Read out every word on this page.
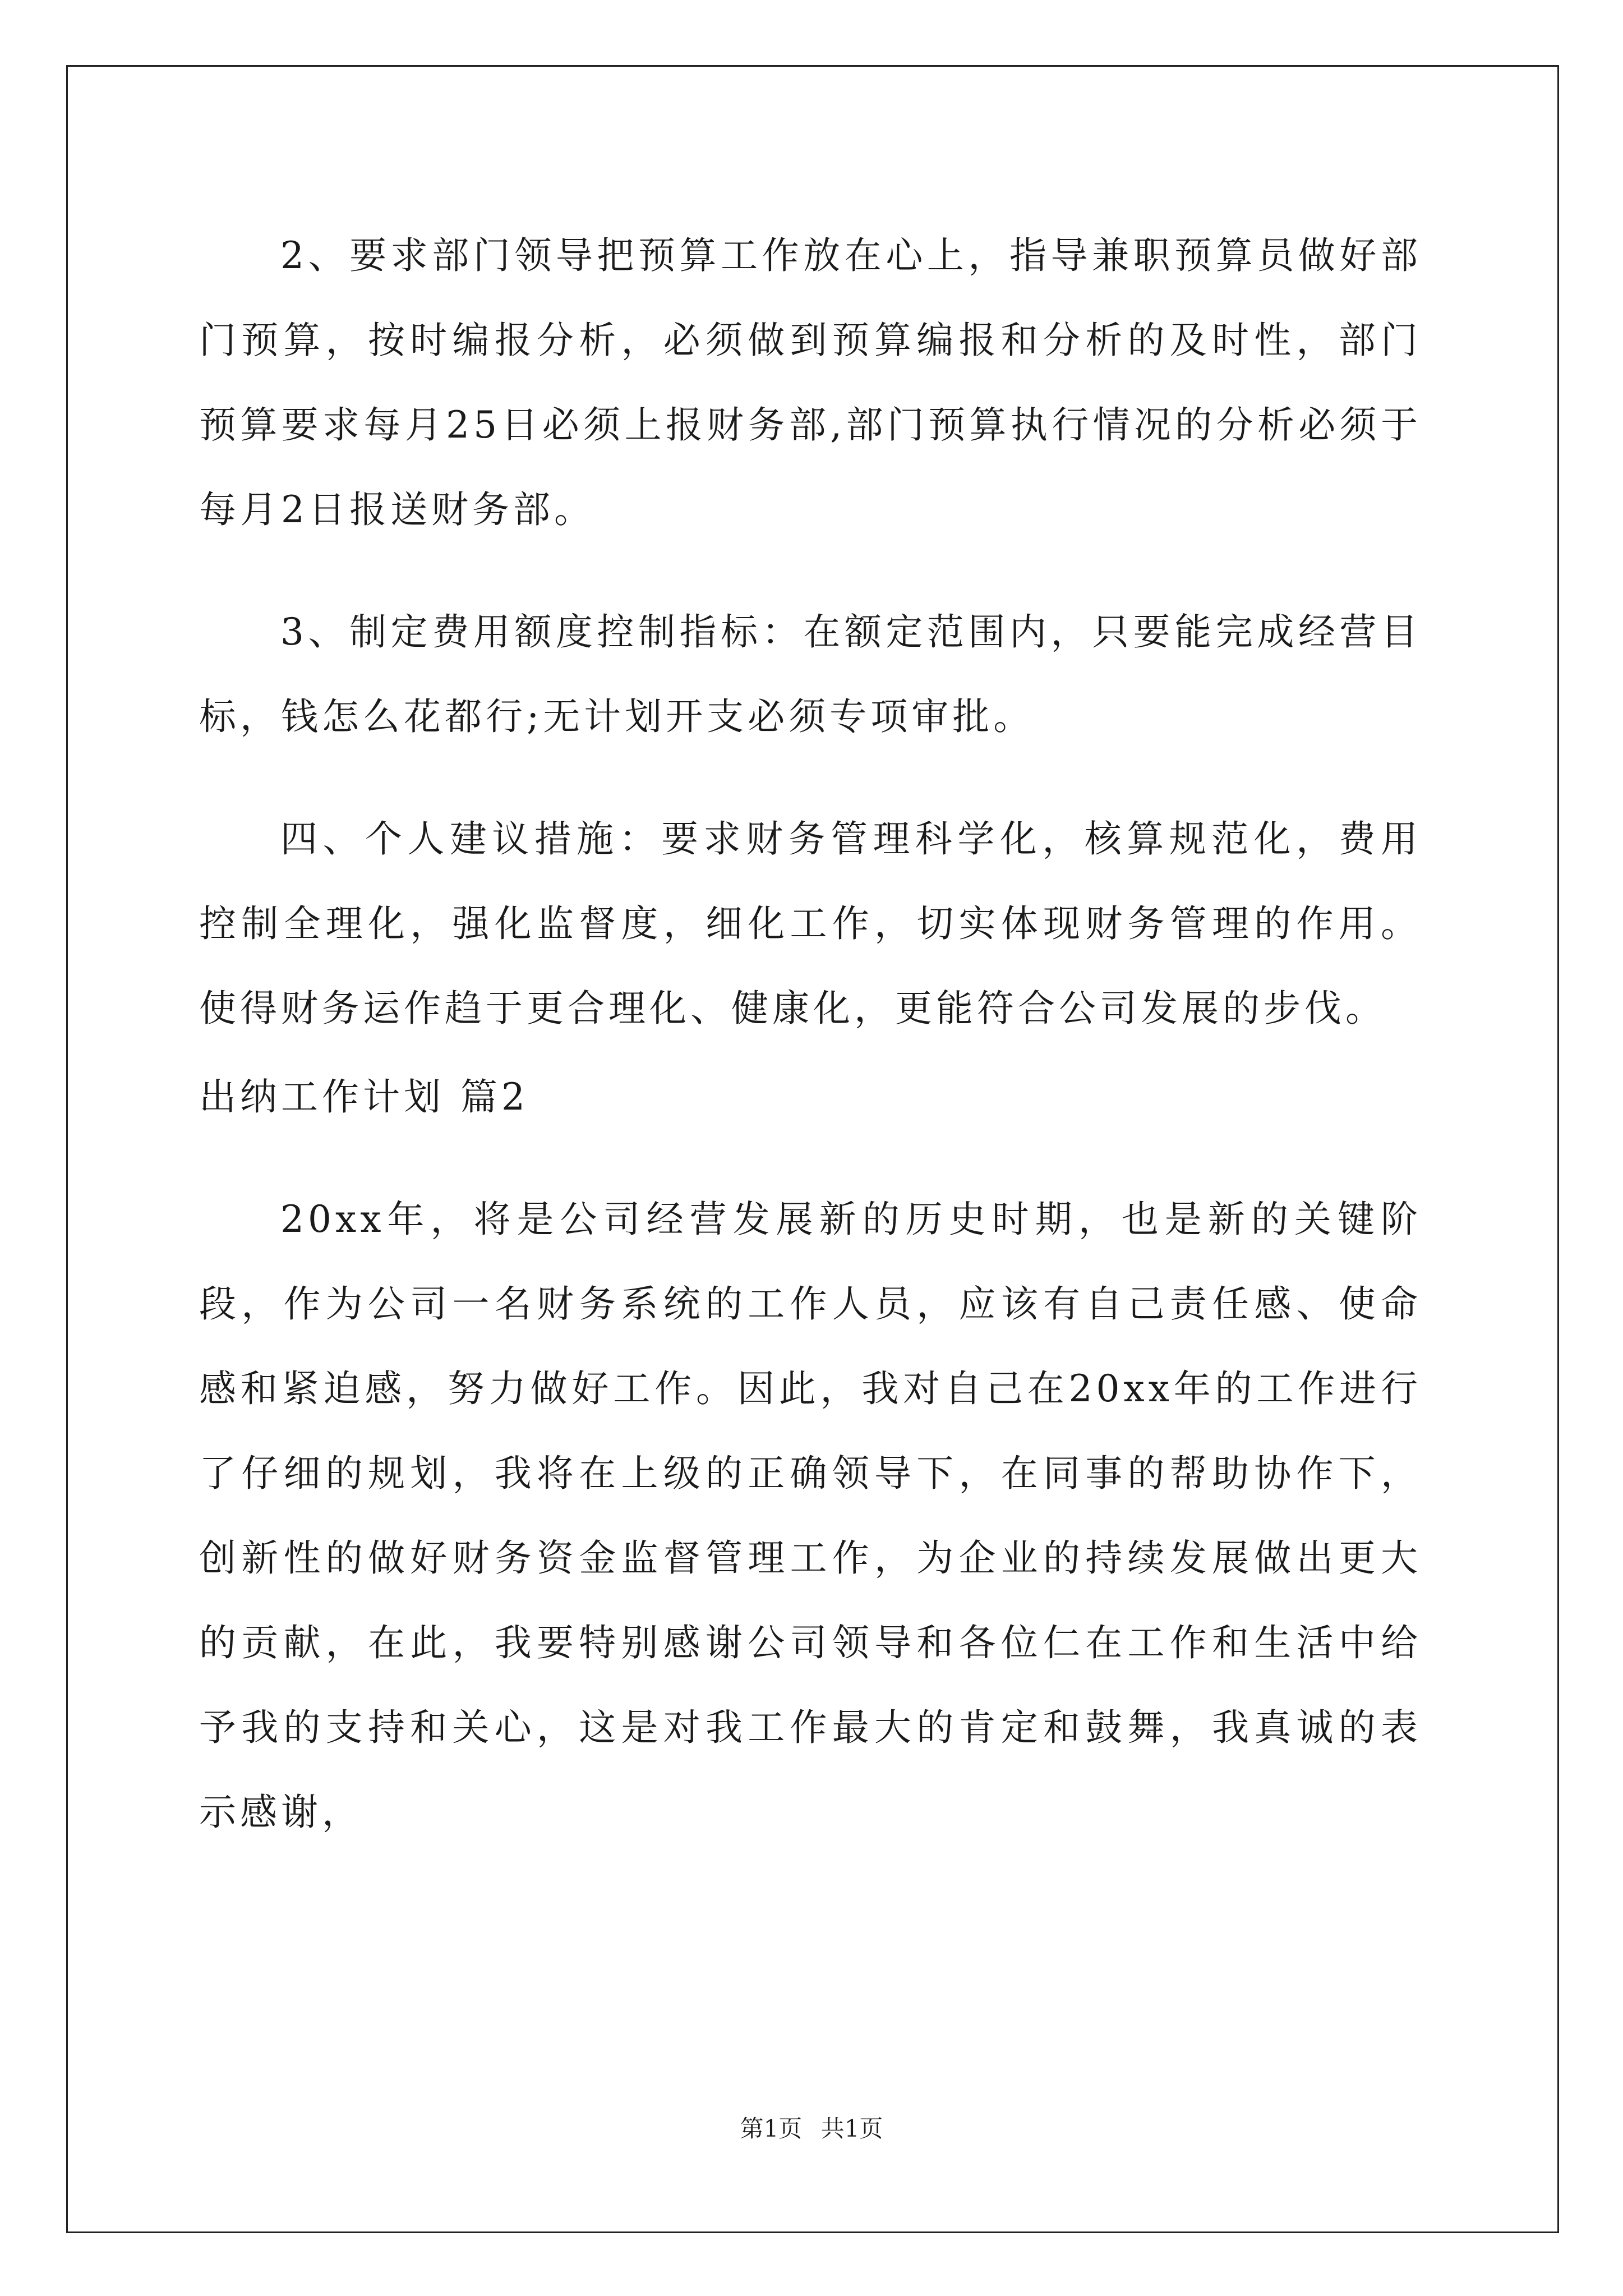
2、要求部门领导把预算工作放在心上，指导兼职预算员做好部门预算，按时编报分析，必须做到预算编报和分析的及时性，部门预算要求每月25日必须上报财务部,部门预算执行情况的分析必须于每月2日报送财务部。

3、制定费用额度控制指标：在额定范围内，只要能完成经营目标，钱怎么花都行;无计划开支必须专项审批。

四、个人建议措施：要求财务管理科学化，核算规范化，费用控制全理化，强化监督度，细化工作，切实体现财务管理的作用。使得财务运作趋于更合理化、健康化，更能符合公司发展的步伐。

出纳工作计划 篇2

20xx年，将是公司经营发展新的历史时期，也是新的关键阶段，作为公司一名财务系统的工作人员，应该有自己责任感、使命感和紧迫感，努力做好工作。因此，我对自己在20xx年的工作进行了仔细的规划，我将在上级的正确领导下，在同事的帮助协作下，创新性的做好财务资金监督管理工作，为企业的持续发展做出更大的贡献，在此，我要特别感谢公司领导和各位仁在工作和生活中给予我的支持和关心，这是对我工作最大的肯定和鼓舞，我真诚的表示感谢，

第1页 共1页
